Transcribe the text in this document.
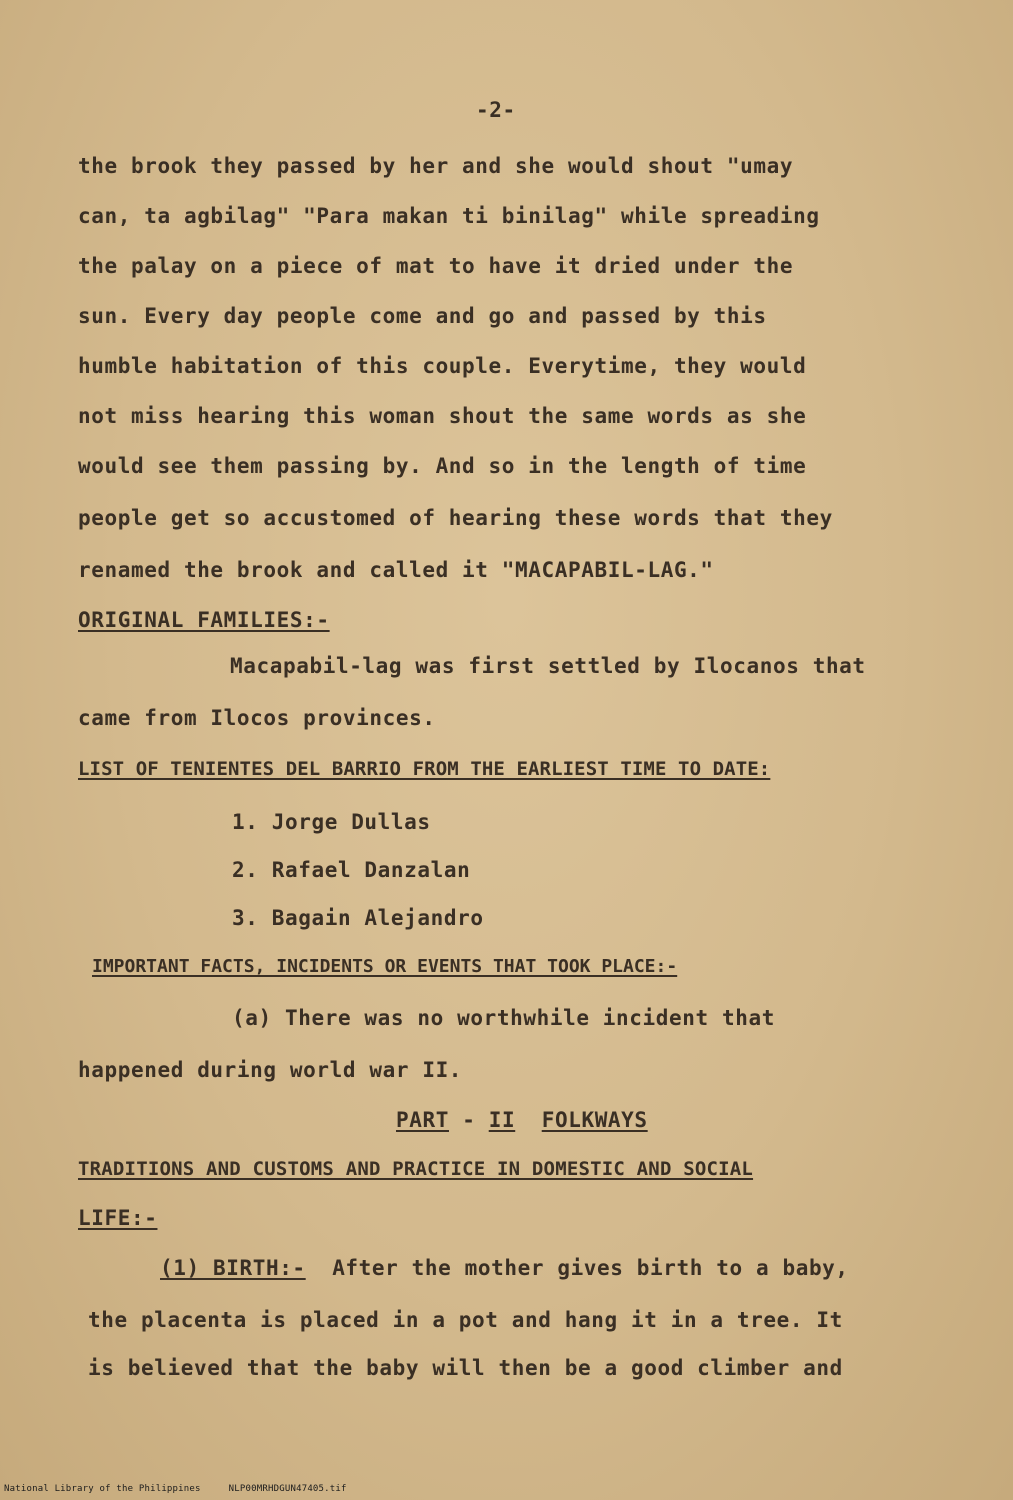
-2-
the brook they passed by her and she would shout "umay
can, ta agbilag" "Para makan ti binilag" while spreading
the palay on a piece of mat to have it dried under the
sun. Every day people come and go and passed by this
humble habitation of this couple. Everytime, they would
not miss hearing this woman shout the same words as she
would see them passing by. And so in the length of time
people get so accustomed of hearing these words that they
renamed the brook and called it "MACAPABIL-LAG."
ORIGINAL FAMILIES:-
Macapabil-lag was first settled by Ilocanos that
came from Ilocos provinces.
LIST OF TENIENTES DEL BARRIO FROM THE EARLIEST TIME TO DATE:
1. Jorge Dullas
2. Rafael Danzalan
3. Bagain Alejandro
IMPORTANT FACTS, INCIDENTS OR EVENTS THAT TOOK PLACE:-
(a) There was no worthwhile incident that
happened during world war II.
PART - II FOLKWAYS
TRADITIONS AND CUSTOMS AND PRACTICE IN DOMESTIC AND SOCIAL
LIFE:-
(1) BIRTH:- After the mother gives birth to a baby,
the placenta is placed in a pot and hang it in a tree. It
is believed that the baby will then be a good climber and
National Library of the Philippines	NLP00MRHDGUN47405.tif
